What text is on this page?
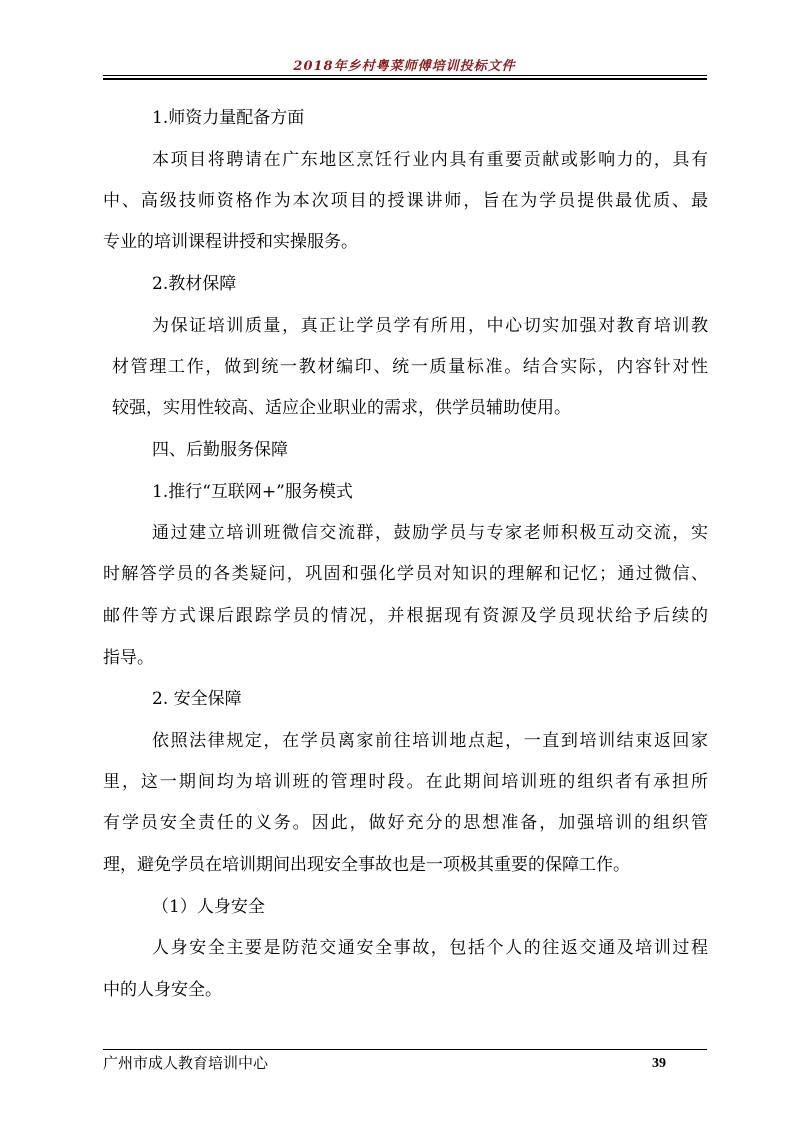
2018年乡村粤菜师傅培训投标文件
1.师资力量配备方面
本项目将聘请在广东地区烹饪行业内具有重要贡献或影响力的，具有
中、高级技师资格作为本次项目的授课讲师，旨在为学员提供最优质、最
专业的培训课程讲授和实操服务。
2.教材保障
为保证培训质量，真正让学员学有所用，中心切实加强对教育培训教
材管理工作，做到统一教材编印、统一质量标准。结合实际，内容针对性
较强，实用性较高、适应企业职业的需求，供学员辅助使用。
四、后勤服务保障
1.推行“互联网+”服务模式
通过建立培训班微信交流群，鼓励学员与专家老师积极互动交流，实
时解答学员的各类疑问，巩固和强化学员对知识的理解和记忆；通过微信、
邮件等方式课后跟踪学员的情况，并根据现有资源及学员现状给予后续的
指导。
2. 安全保障
依照法律规定，在学员离家前往培训地点起，一直到培训结束返回家
里，这一期间均为培训班的管理时段。在此期间培训班的组织者有承担所
有学员安全责任的义务。因此，做好充分的思想准备，加强培训的组织管
理，避免学员在培训期间出现安全事故也是一项极其重要的保障工作。
（1）人身安全
人身安全主要是防范交通安全事故，包括个人的往返交通及培训过程
中的人身安全。
广州市成人教育培训中心	39
